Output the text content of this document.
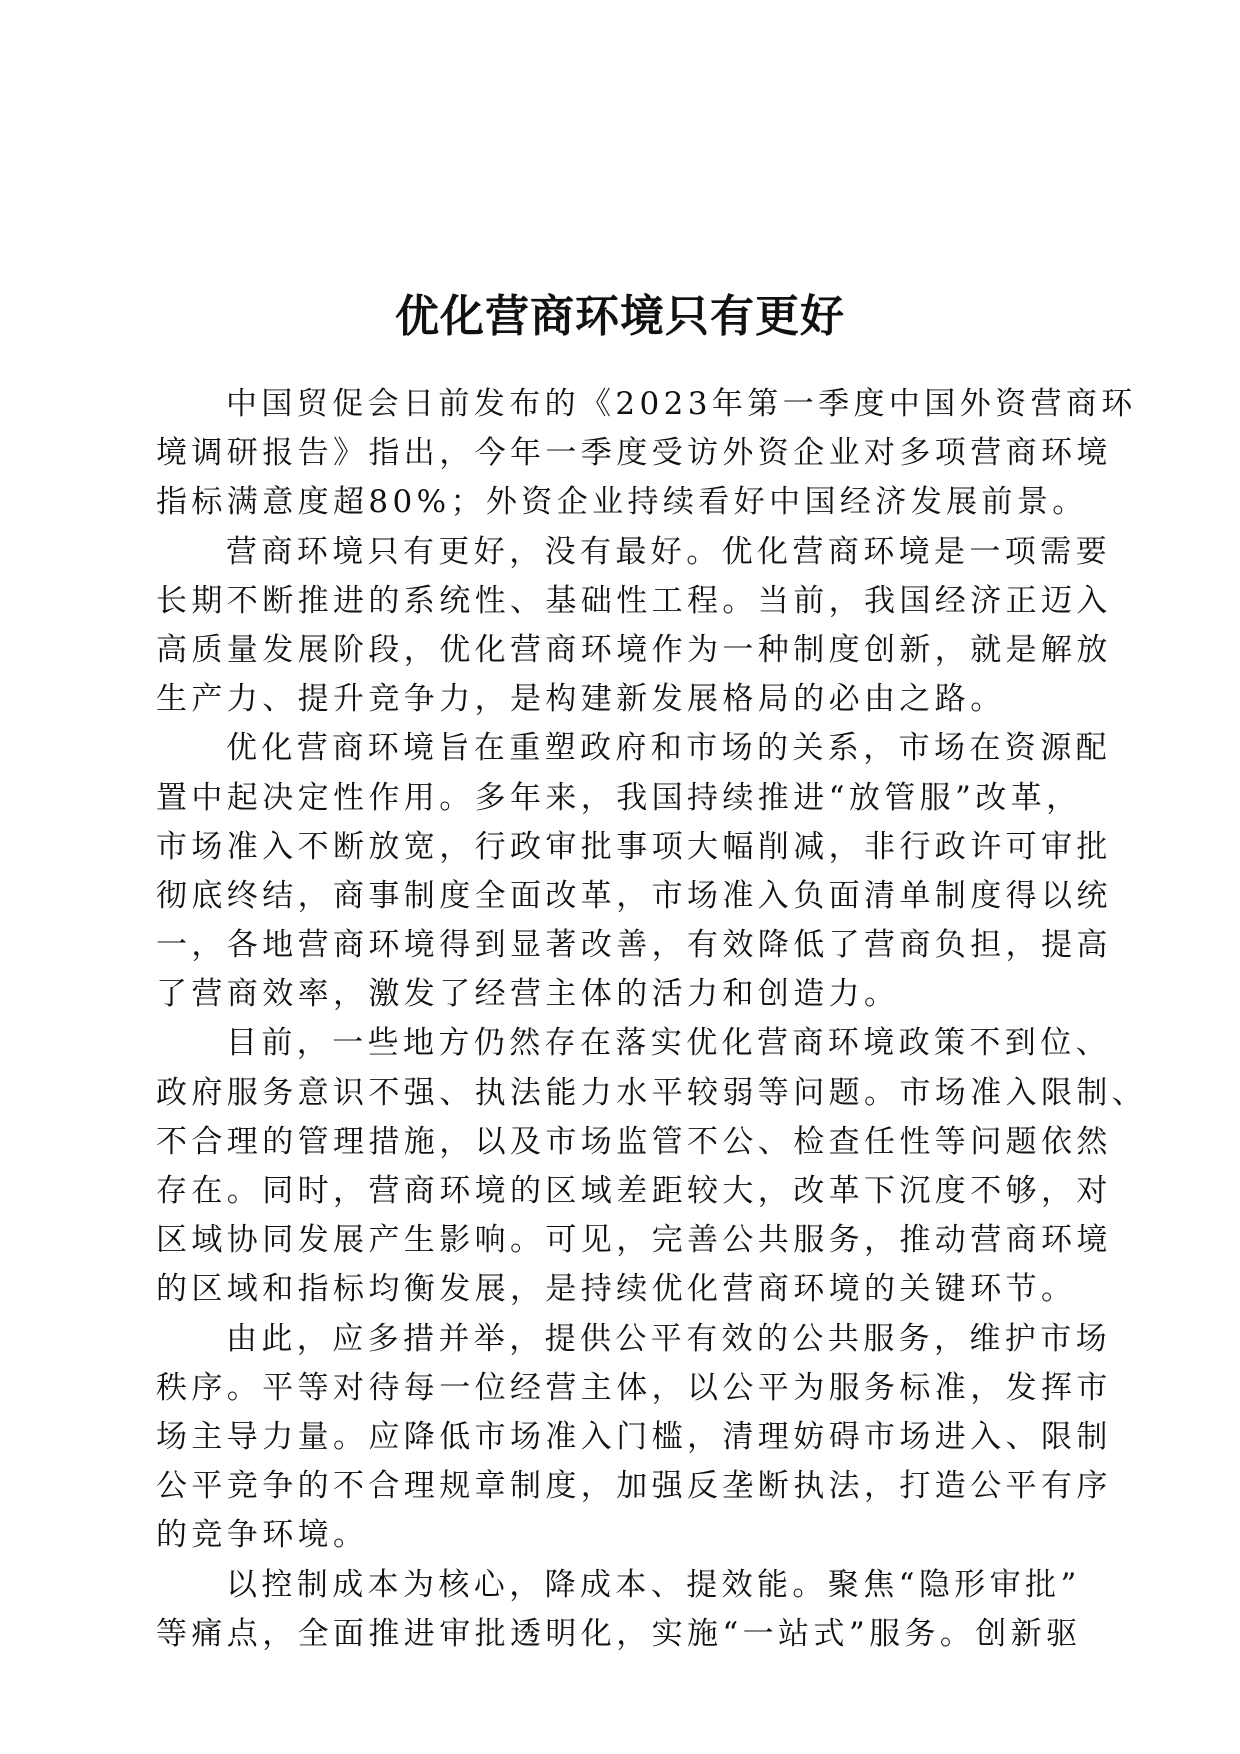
优化营商环境只有更好
中国贸促会日前发布的《2023年第一季度中国外资营商环
境调研报告》指出，今年一季度受访外资企业对多项营商环境
指标满意度超80%；外资企业持续看好中国经济发展前景。
营商环境只有更好，没有最好。优化营商环境是一项需要
长期不断推进的系统性、基础性工程。当前，我国经济正迈入
高质量发展阶段，优化营商环境作为一种制度创新，就是解放
生产力、提升竞争力，是构建新发展格局的必由之路。
优化营商环境旨在重塑政府和市场的关系，市场在资源配
置中起决定性作用。多年来，我国持续推进“放管服”改革，
市场准入不断放宽，行政审批事项大幅削减，非行政许可审批
彻底终结，商事制度全面改革，市场准入负面清单制度得以统
一，各地营商环境得到显著改善，有效降低了营商负担，提高
了营商效率，激发了经营主体的活力和创造力。
目前，一些地方仍然存在落实优化营商环境政策不到位、
政府服务意识不强、执法能力水平较弱等问题。市场准入限制、
不合理的管理措施，以及市场监管不公、检查任性等问题依然
存在。同时，营商环境的区域差距较大，改革下沉度不够，对
区域协同发展产生影响。可见，完善公共服务，推动营商环境
的区域和指标均衡发展，是持续优化营商环境的关键环节。
由此，应多措并举，提供公平有效的公共服务，维护市场
秩序。平等对待每一位经营主体，以公平为服务标准，发挥市
场主导力量。应降低市场准入门槛，清理妨碍市场进入、限制
公平竞争的不合理规章制度，加强反垄断执法，打造公平有序
的竞争环境。
以控制成本为核心，降成本、提效能。聚焦“隐形审批”
等痛点，全面推进审批透明化，实施“一站式”服务。创新驱
